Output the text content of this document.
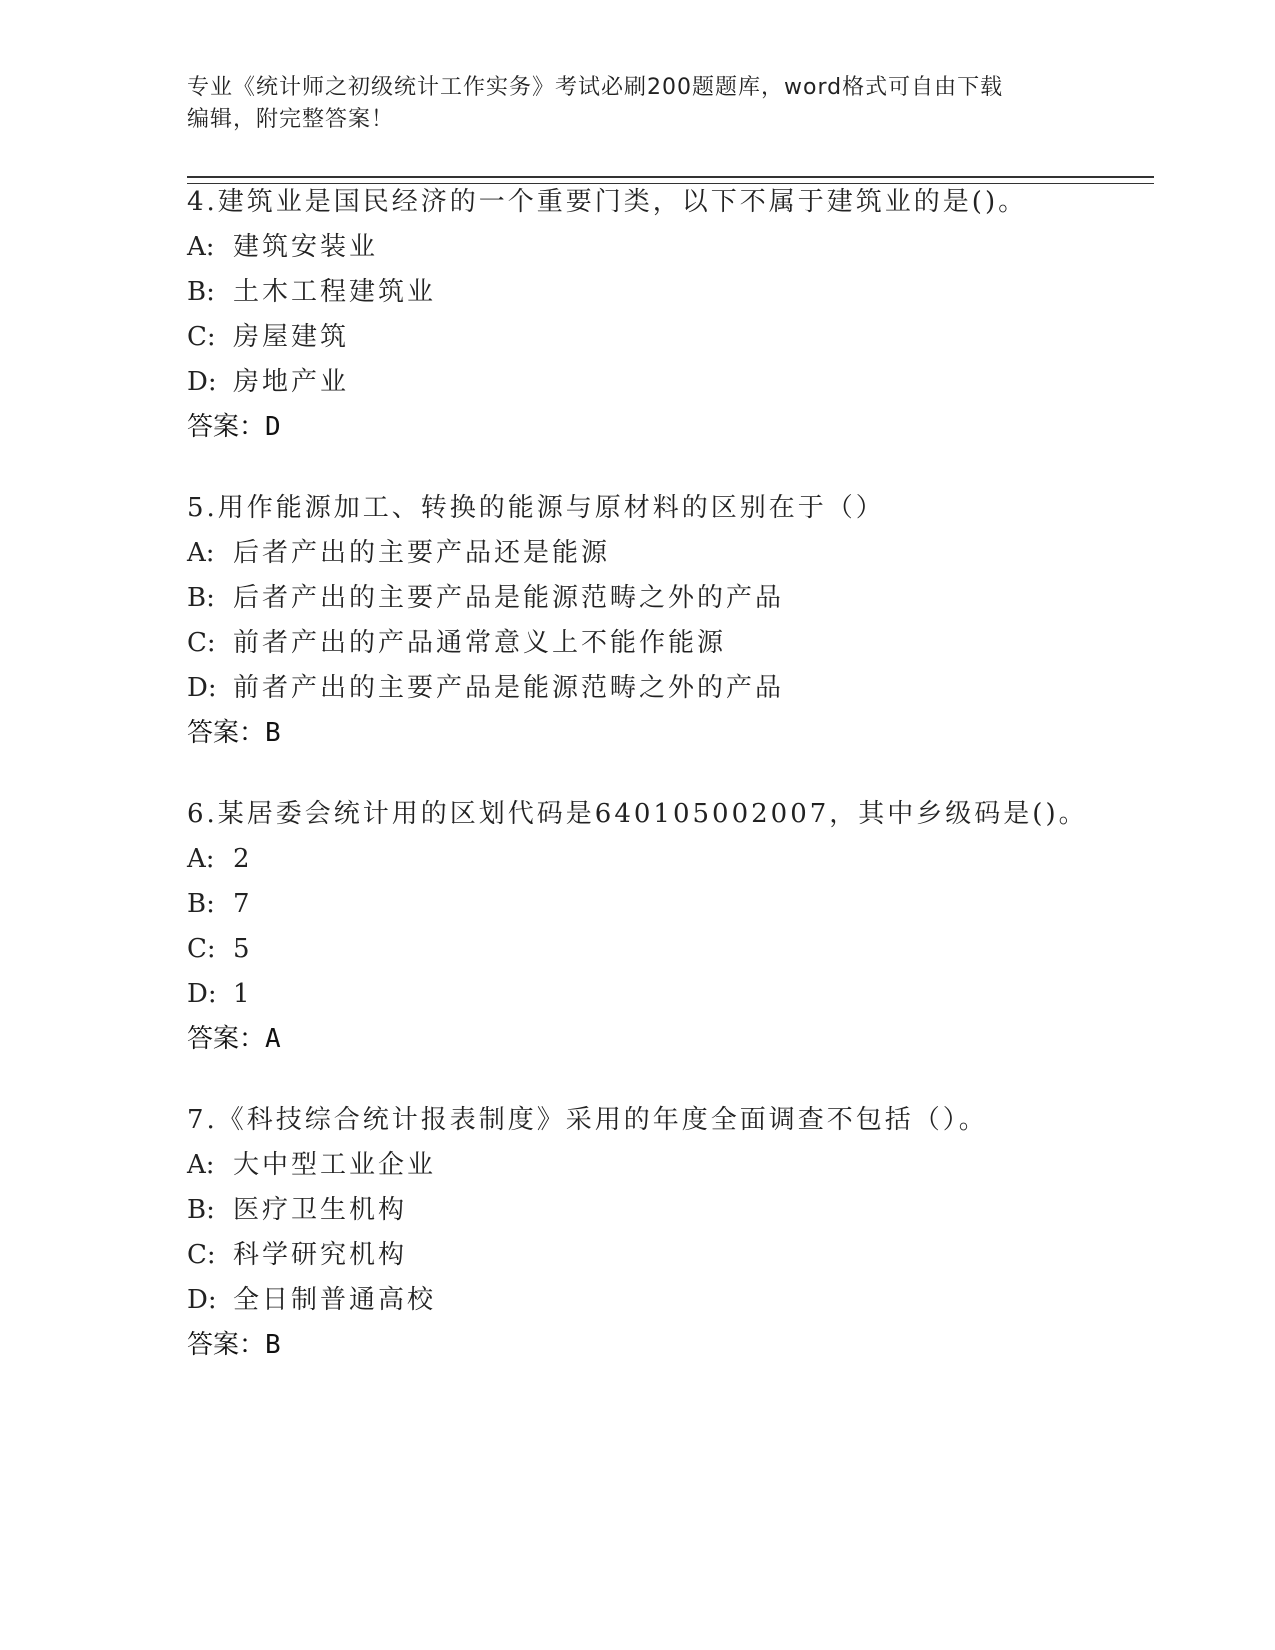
专业《统计师之初级统计工作实务》考试必刷200题题库，word格式可自由下载
编辑，附完整答案！
4.建筑业是国民经济的一个重要门类，以下不属于建筑业的是()。
A: 建筑安装业
B: 土木工程建筑业
C: 房屋建筑
D: 房地产业
答案：D
5.用作能源加工、转换的能源与原材料的区别在于（）
A: 后者产出的主要产品还是能源
B: 后者产出的主要产品是能源范畴之外的产品
C: 前者产出的产品通常意义上不能作能源
D: 前者产出的主要产品是能源范畴之外的产品
答案：B
6.某居委会统计用的区划代码是640105002007，其中乡级码是()。
A: 2
B: 7
C: 5
D: 1
答案：A
7.《科技综合统计报表制度》采用的年度全面调查不包括（）。
A: 大中型工业企业
B: 医疗卫生机构
C: 科学研究机构
D: 全日制普通高校
答案：B
